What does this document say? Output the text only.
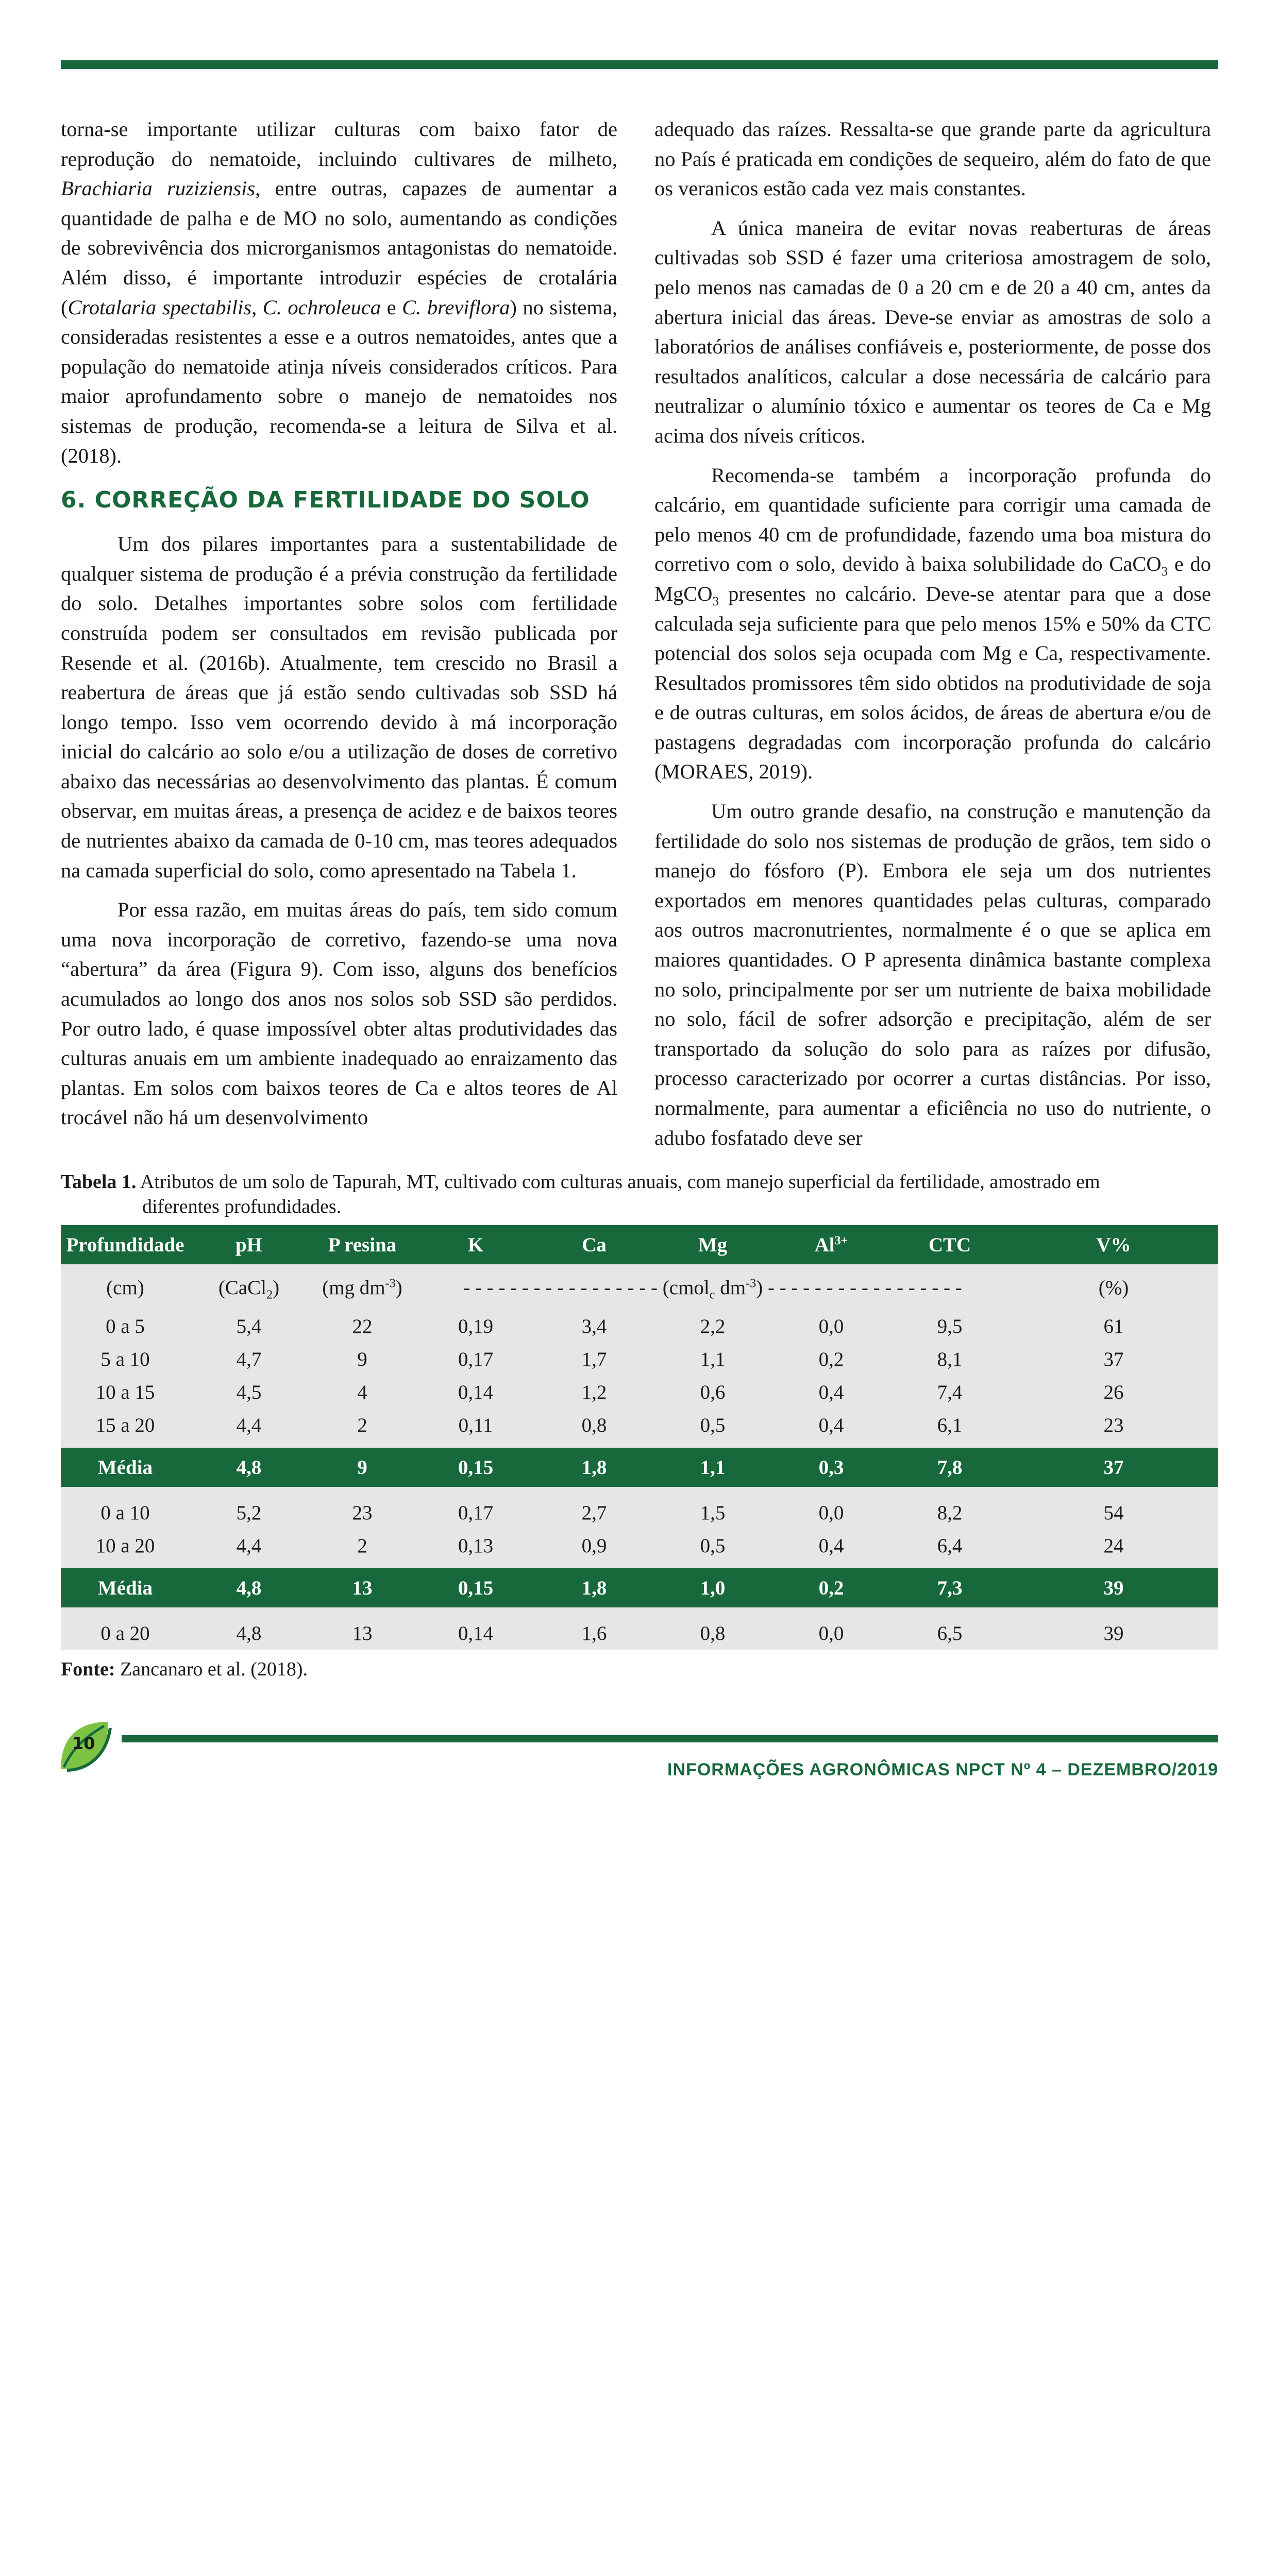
torna-se importante utilizar culturas com baixo fator de reprodução do nematoide, incluindo cultivares de milheto, Brachiaria ruziziensis, entre outras, capazes de aumentar a quantidade de palha e de MO no solo, aumentando as condições de sobrevivência dos microrganismos antagonistas do nematoide. Além disso, é importante introduzir espécies de crotalária (Crotalaria spectabilis, C. ochroleuca e C. breviflora) no sistema, consideradas resistentes a esse e a outros nematoides, antes que a população do nematoide atinja níveis considerados críticos. Para maior aprofundamento sobre o manejo de nematoides nos sistemas de produção, recomenda-se a leitura de Silva et al. (2018).

6. CORREÇÃO DA FERTILIDADE DO SOLO

Um dos pilares importantes para a sustentabilidade de qualquer sistema de produção é a prévia construção da fertilidade do solo. Detalhes importantes sobre solos com fertilidade construída podem ser consultados em revisão publicada por Resende et al. (2016b). Atualmente, tem crescido no Brasil a reabertura de áreas que já estão sendo cultivadas sob SSD há longo tempo. Isso vem ocorrendo devido à má incorporação inicial do calcário ao solo e/ou a utilização de doses de corretivo abaixo das necessárias ao desenvolvimento das plantas. É comum observar, em muitas áreas, a presença de acidez e de baixos teores de nutrientes abaixo da camada de 0-10 cm, mas teores adequados na camada superficial do solo, como apresentado na Tabela 1.

Por essa razão, em muitas áreas do país, tem sido comum uma nova incorporação de corretivo, fazendo-se uma nova “abertura” da área (Figura 9). Com isso, alguns dos benefícios acumulados ao longo dos anos nos solos sob SSD são perdidos. Por outro lado, é quase impossível obter altas produtividades das culturas anuais em um ambiente inadequado ao enraizamento das plantas. Em solos com baixos teores de Ca e altos teores de Al trocável não há um desenvolvimento

adequado das raízes. Ressalta-se que grande parte da agricultura no País é praticada em condições de sequeiro, além do fato de que os veranicos estão cada vez mais constantes.

A única maneira de evitar novas reaberturas de áreas cultivadas sob SSD é fazer uma criteriosa amostragem de solo, pelo menos nas camadas de 0 a 20 cm e de 20 a 40 cm, antes da abertura inicial das áreas. Deve-se enviar as amostras de solo a laboratórios de análises confiáveis e, posteriormente, de posse dos resultados analíticos, calcular a dose necessária de calcário para neutralizar o alumínio tóxico e aumentar os teores de Ca e Mg acima dos níveis críticos.

Recomenda-se também a incorporação profunda do calcário, em quantidade suficiente para corrigir uma camada de pelo menos 40 cm de profundidade, fazendo uma boa mistura do corretivo com o solo, devido à baixa solubilidade do CaCO$_3$ e do MgCO$_3$ presentes no calcário. Deve-se atentar para que a dose calculada seja suficiente para que pelo menos 15% e 50% da CTC potencial dos solos seja ocupada com Mg e Ca, respectivamente. Resultados promissores têm sido obtidos na produtividade de soja e de outras culturas, em solos ácidos, de áreas de abertura e/ou de pastagens degradadas com incorporação profunda do calcário (MORAES, 2019).

Um outro grande desafio, na construção e manutenção da fertilidade do solo nos sistemas de produção de grãos, tem sido o manejo do fósforo (P). Embora ele seja um dos nutrientes exportados em menores quantidades pelas culturas, comparado aos outros macronutrientes, normalmente é o que se aplica em maiores quantidades. O P apresenta dinâmica bastante complexa no solo, principalmente por ser um nutriente de baixa mobilidade no solo, fácil de sofrer adsorção e precipitação, além de ser transportado da solução do solo para as raízes por difusão, processo caracterizado por ocorrer a curtas distâncias. Por isso, normalmente, para aumentar a eficiência no uso do nutriente, o adubo fosfatado deve ser

Tabela 1. Atributos de um solo de Tapurah, MT, cultivado com culturas anuais, com manejo superficial da fertilidade, amostrado em
diferentes profundidades.
Profundidade	pH	P resina	K	Ca	Mg	$Al^{3+}$	CTC	V%
(cm)	(CaCl$_2$)	(mg $dm^{-3}$)	- - - - - - - - - - - - - - - - - (cmol$_c$ $dm^{-3}$) - - - - - - - - - - - - - - - - -	(%)
0 a 5	5,4	22	0,19	3,4	2,2	0,0	9,5	61
5 a 10	4,7	9	0,17	1,7	1,1	0,2	8,1	37
10 a 15	4,5	4	0,14	1,2	0,6	0,4	7,4	26
15 a 20	4,4	2	0,11	0,8	0,5	0,4	6,1	23

Média	4,8	9	0,15	1,8	1,1	0,3	7,8	37

0 a 10	5,2	23	0,17	2,7	1,5	0,0	8,2	54
10 a 20	4,4	2	0,13	0,9	0,5	0,4	6,4	24

Média	4,8	13	0,15	1,8	1,0	0,2	7,3	39

0 a 20	4,8	13	0,14	1,6	0,8	0,0	6,5	39

Fonte: Zancanaro et al. (2018).
10
INFORMAÇÕES AGRONÔMICAS NPCT Nº 4 – DEZEMBRO/2019
